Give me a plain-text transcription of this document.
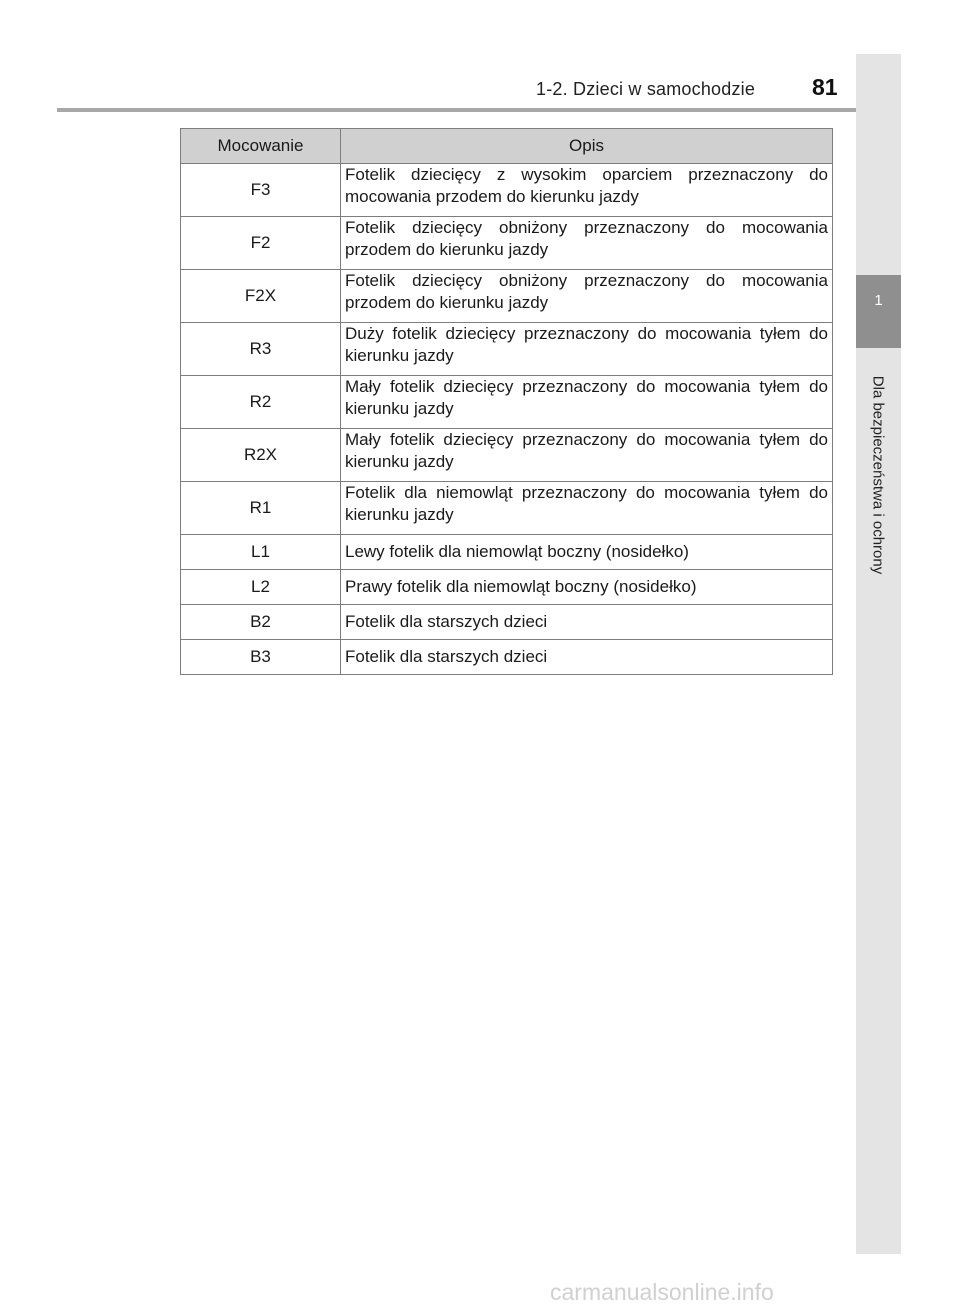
1-2. Dzieci w samochodzie 81
1
Dla bezpieczeństwa i ochrony
Mocowanie	Opis
F3	Fotelik dziecięcy z wysokim oparciem przeznaczony do mocowania przodem do kierunku jazdy
F2	Fotelik dziecięcy obniżony przeznaczony do mocowania przodem do kierunku jazdy
F2X	Fotelik dziecięcy obniżony przeznaczony do mocowania przodem do kierunku jazdy
R3	Duży fotelik dziecięcy przeznaczony do mocowania tyłem do kierunku jazdy
R2	Mały fotelik dziecięcy przeznaczony do mocowania tyłem do kierunku jazdy
R2X	Mały fotelik dziecięcy przeznaczony do mocowania tyłem do kierunku jazdy
R1	Fotelik dla niemowląt przeznaczony do mocowania tyłem do kierunku jazdy
L1	Lewy fotelik dla niemowląt boczny (nosidełko)
L2	Prawy fotelik dla niemowląt boczny (nosidełko)
B2	Fotelik dla starszych dzieci
B3	Fotelik dla starszych dzieci
carmanualsonline.info
